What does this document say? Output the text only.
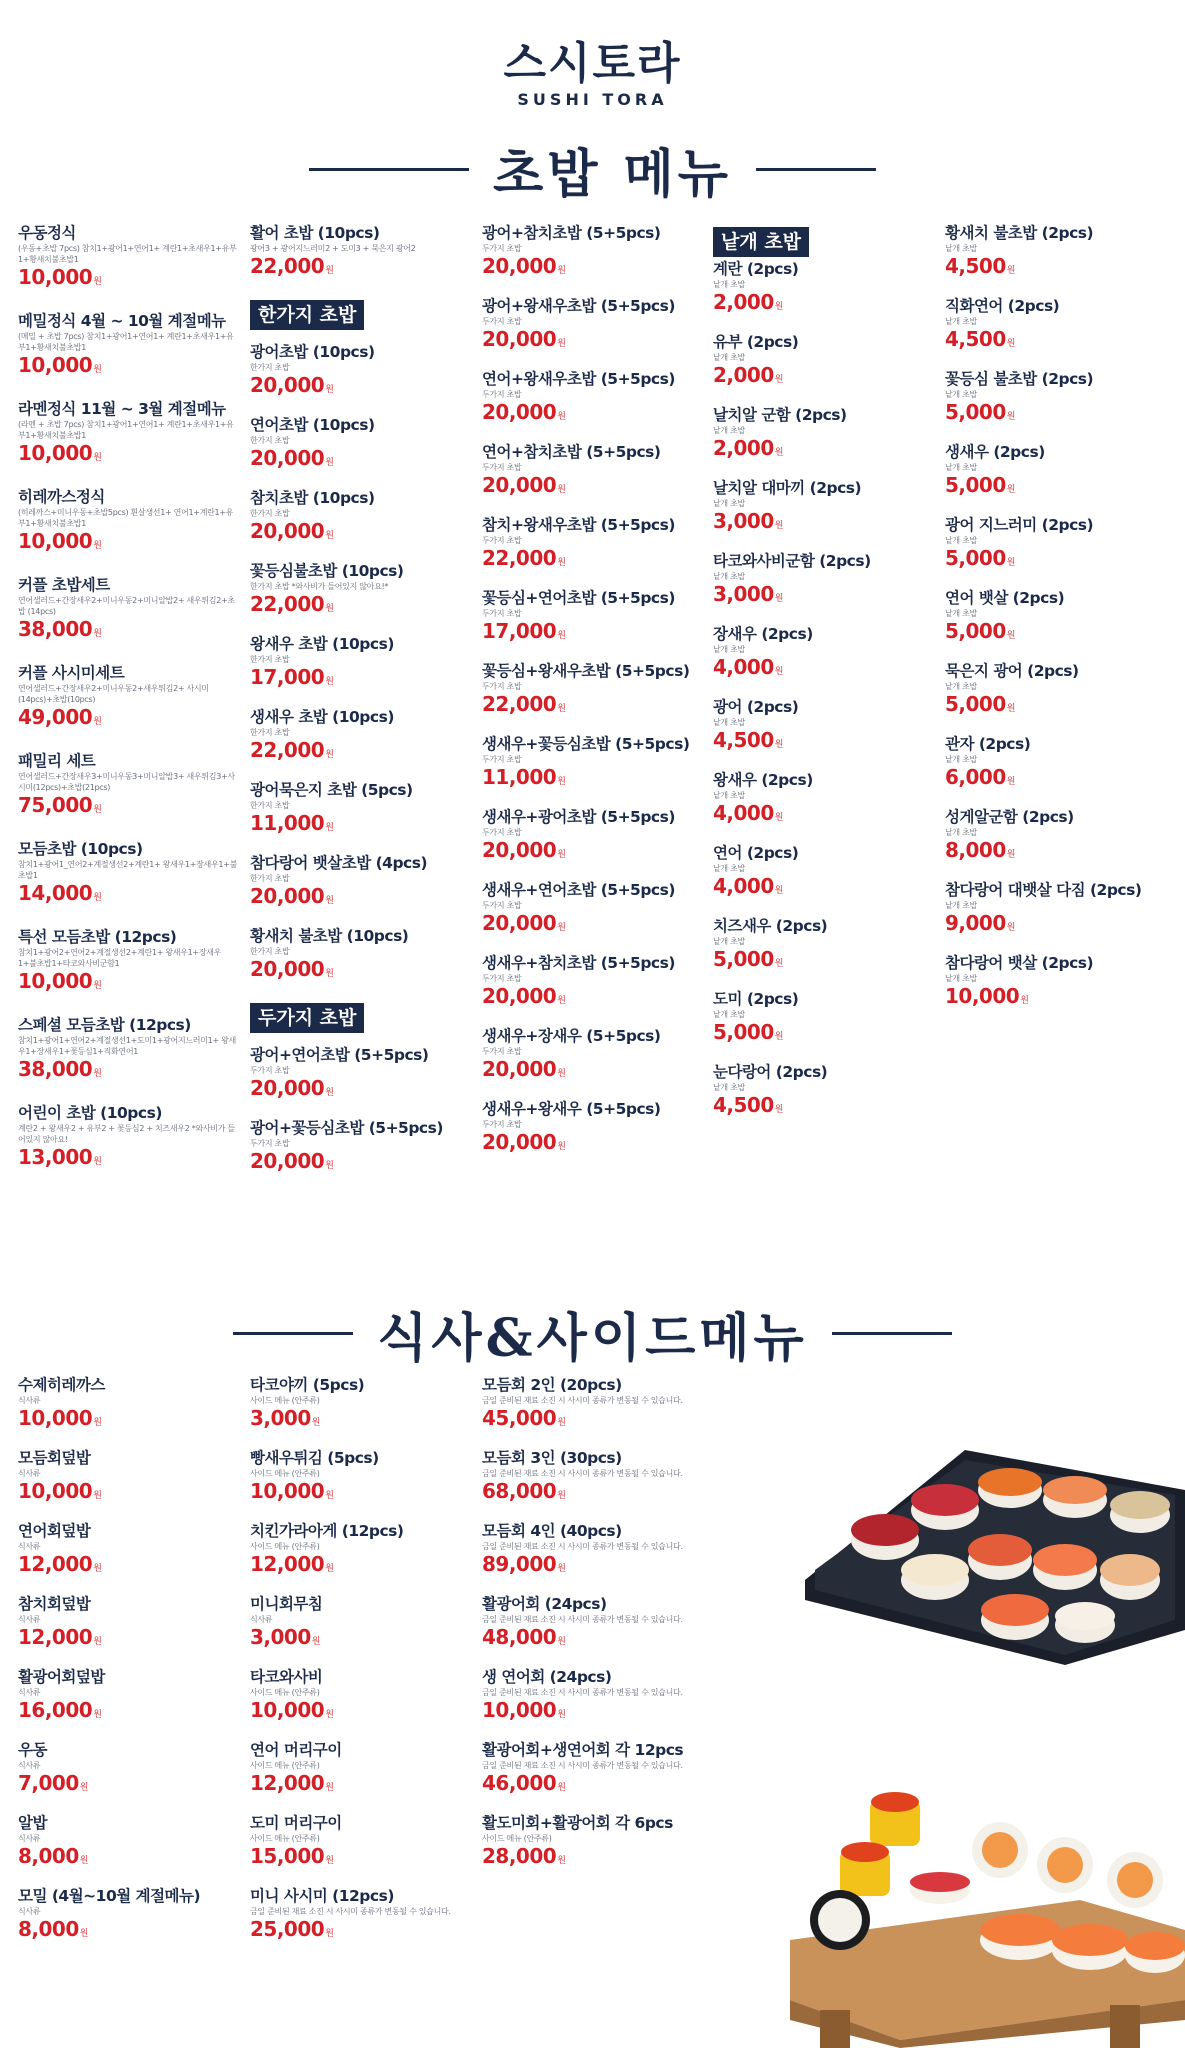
스시토라
SUSHI TORA
초밥 메뉴
우동정식
(우동+초밥 7pcs) 참치1+광어1+연어1+ 계란1+초새우1+유부1+황새치불초밥1
10,000원
메밀정식 4월 ~ 10월 계절메뉴
(메밀 + 초밥 7pcs) 참치1+광어1+연어1+ 계란1+초새우1+유부1+황새치불초밥1
10,000원
라멘정식 11월 ~ 3월 계절메뉴
(라멘 + 초밥 7pcs) 참치1+광어1+연어1+ 계란1+초새우1+유부1+황새치불초밥1
10,000원
히레까스정식
(히레까스+미니우동+초밥5pcs) 흰살생선1+ 연어1+계란1+유부1+황새치불초밥1
10,000원
커플 초밥세트
연어샐러드+간장새우2+미니우동2+미니알밥2+ 새우튀김2+초밥 (14pcs)
38,000원
커플 사시미세트
연어샐러드+간장새우2+미니우동2+새우튀김2+ 사시미(14pcs)+초밥(10pcs)
49,000원
패밀리 세트
연어샐러드+간장새우3+미니우동3+미니알밥3+ 새우튀김3+사시미(12pcs)+초밥(21pcs)
75,000원
모듬초밥 (10pcs)
참치1+광어1_연어2+계절생선2+계란1+ 왕새우1+장새우1+불초밥1
14,000원
특선 모듬초밥 (12pcs)
참치1+광어2+연어2+계절생선2+계란1+ 왕새우1+장새우1+불초밥1+타코와사비군함1
10,000원
스페셜 모듬초밥 (12pcs)
참치1+광어1+연어2+계절생선1+도미1+광어지느러미1+ 왕새우1+장새우1+꽃등심1+직화연어1
38,000원
어린이 초밥 (10pcs)
계란2 + 왕새우2 + 유부2 + 꽃등심2 + 치즈새우2 *와사비가 들어있지 않아요!
13,000원
활어 초밥 (10pcs)
광어3 + 광어지느러미2 + 도미3 + 묵은지 광어2
22,000원
한가지 초밥
광어초밥 (10pcs)
한가지 초밥
20,000원
연어초밥 (10pcs)
한가지 초밥
20,000원
참치초밥 (10pcs)
한가지 초밥
20,000원
꽃등심불초밥 (10pcs)
한가지 초밥 *와사비가 들어있지 않아요!*
22,000원
왕새우 초밥 (10pcs)
한가지 초밥
17,000원
생새우 초밥 (10pcs)
한가지 초밥
22,000원
광어묵은지 초밥 (5pcs)
한가지 초밥
11,000원
참다랑어 뱃살초밥 (4pcs)
한가지 초밥
20,000원
황새치 불초밥 (10pcs)
한가지 초밥
20,000원
두가지 초밥
광어+연어초밥 (5+5pcs)
두가지 초밥
20,000원
광어+꽃등심초밥 (5+5pcs)
두가지 초밥
20,000원
광어+참치초밥 (5+5pcs)
두가지 초밥
20,000원
광어+왕새우초밥 (5+5pcs)
두가지 초밥
20,000원
연어+왕새우초밥 (5+5pcs)
두가지 초밥
20,000원
연어+참치초밥 (5+5pcs)
두가지 초밥
20,000원
참치+왕새우초밥 (5+5pcs)
두가지 초밥
22,000원
꽃등심+연어초밥 (5+5pcs)
두가지 초밥
17,000원
꽃등심+왕새우초밥 (5+5pcs)
두가지 초밥
22,000원
생새우+꽃등심초밥 (5+5pcs)
두가지 초밥
11,000원
생새우+광어초밥 (5+5pcs)
두가지 초밥
20,000원
생새우+연어초밥 (5+5pcs)
두가지 초밥
20,000원
생새우+참치초밥 (5+5pcs)
두가지 초밥
20,000원
생새우+장새우 (5+5pcs)
두가지 초밥
20,000원
생새우+왕새우 (5+5pcs)
두가지 초밥
20,000원
낱개 초밥
계란 (2pcs)
낱개 초밥
2,000원
유부 (2pcs)
낱개 초밥
2,000원
날치알 군함 (2pcs)
낱개 초밥
2,000원
날치알 대마끼 (2pcs)
낱개 초밥
3,000원
타코와사비군함 (2pcs)
낱개 초밥
3,000원
장새우 (2pcs)
낱개 초밥
4,000원
광어 (2pcs)
낱개 초밥
4,500원
왕새우 (2pcs)
낱개 초밥
4,000원
연어 (2pcs)
낱개 초밥
4,000원
치즈새우 (2pcs)
낱개 초밥
5,000원
도미 (2pcs)
낱개 초밥
5,000원
눈다랑어 (2pcs)
낱개 초밥
4,500원
황새치 불초밥 (2pcs)
낱개 초밥
4,500원
직화연어 (2pcs)
낱개 초밥
4,500원
꽃등심 불초밥 (2pcs)
낱개 초밥
5,000원
생새우 (2pcs)
낱개 초밥
5,000원
광어 지느러미 (2pcs)
낱개 초밥
5,000원
연어 뱃살 (2pcs)
낱개 초밥
5,000원
묵은지 광어 (2pcs)
낱개 초밥
5,000원
관자 (2pcs)
낱개 초밥
6,000원
성게알군함 (2pcs)
낱개 초밥
8,000원
참다랑어 대뱃살 다짐 (2pcs)
낱개 초밥
9,000원
참다랑어 뱃살 (2pcs)
낱개 초밥
10,000원
식사&사이드메뉴
수제히레까스
식사류
10,000원
모듬회덮밥
식사류
10,000원
연어회덮밥
식사류
12,000원
참치회덮밥
식사류
12,000원
활광어회덮밥
식사류
16,000원
우동
식사류
7,000원
알밥
식사류
8,000원
모밀 (4월~10월 계절메뉴)
식사류
8,000원
타코야끼 (5pcs)
사이드 메뉴 (안주류)
3,000원
빵새우튀김 (5pcs)
사이드 메뉴 (안주류)
10,000원
치킨가라아게 (12pcs)
사이드 메뉴 (안주류)
12,000원
미니회무침
식사류
3,000원
타코와사비
사이드 메뉴 (안주류)
10,000원
연어 머리구이
사이드 메뉴 (안주류)
12,000원
도미 머리구이
사이드 메뉴 (안주류)
15,000원
미니 사시미 (12pcs)
금일 준비된 재료 소진 시 사시미 종류가 변동될 수 있습니다.
25,000원
모듬회 2인 (20pcs)
금일 준비된 재료 소진 시 사시미 종류가 변동될 수 있습니다.
45,000원
모듬회 3인 (30pcs)
금일 준비된 재료 소진 시 사시미 종류가 변동될 수 있습니다.
68,000원
모듬회 4인 (40pcs)
금일 준비된 재료 소진 시 사시미 종류가 변동될 수 있습니다.
89,000원
활광어회 (24pcs)
금일 준비된 재료 소진 시 사시미 종류가 변동될 수 있습니다.
48,000원
생 연어회 (24pcs)
금일 준비된 재료 소진 시 사시미 종류가 변동될 수 있습니다.
10,000원
활광어회+생연어회 각 12pcs
금일 준비된 재료 소진 시 사시미 종류가 변동될 수 있습니다.
46,000원
활도미회+활광어회 각 6pcs
사이드 메뉴 (안주류)
28,000원
